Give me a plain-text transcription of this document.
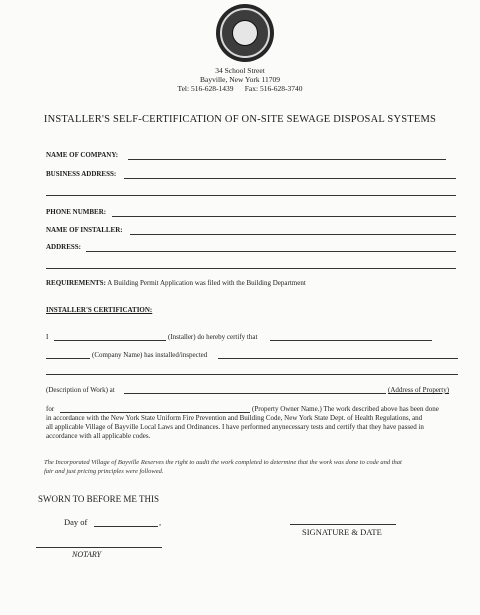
34 School Street
Bayville, New York 11709
Tel: 516-628-1439 Fax: 516-628-3740
INSTALLER'S SELF-CERTIFICATION OF ON-SITE SEWAGE DISPOSAL SYSTEMS
NAME OF COMPANY:
BUSINESS ADDRESS:
PHONE NUMBER:
NAME OF INSTALLER:
ADDRESS:
REQUIREMENTS: A Building Permit Application was filed with the Building Department
INSTALLER'S CERTIFICATION:
I	(Installer) do hereby certify that
(Company Name) has installed/inspected
(Description of Work) at	(Address of Property)
for	(Property Owner Name.) The work described above has been done
in accordance with the New York State Uniform Fire Prevention and Building Code, New York State Dept. of Health Regulations, and
all applicable Village of Bayville Local Laws and Ordinances. I have performed anynecessary tests and certify that they have passed in
accordance with all applicable codes.
The Incorporated Village of Bayville Reserves the right to audit the work completed to determine that the work was done to code and that
fair and just pricing principles were followed.
SWORN TO BEFORE ME THIS
Day of	,
SIGNATURE & DATE
NOTARY
